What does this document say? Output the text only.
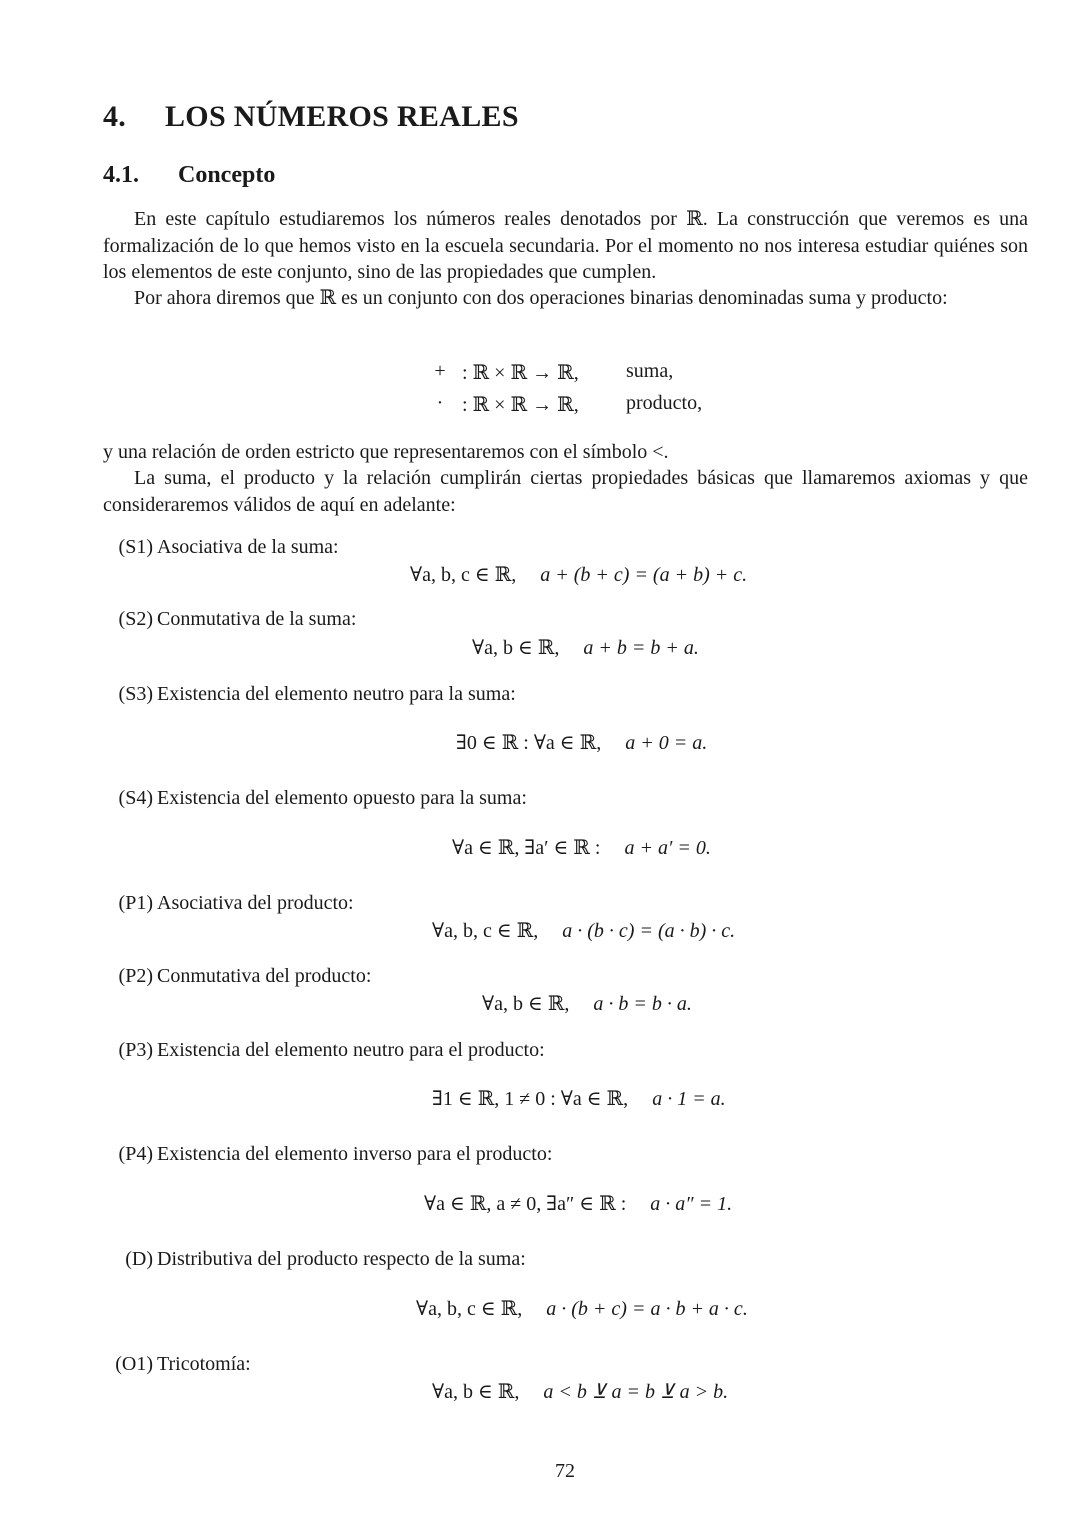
4. LOS NÚMEROS REALES
4.1. Concepto
En este capítulo estudiaremos los números reales denotados por ℝ. La construcción que veremos es una formalización de lo que hemos visto en la escuela secundaria. Por el momento no nos interesa estudiar quiénes son los elementos de este conjunto, sino de las propiedades que cumplen.
Por ahora diremos que ℝ es un conjunto con dos operaciones binarias denominadas suma y producto:
+ : ℝ × ℝ → ℝ, suma,
· : ℝ × ℝ → ℝ, producto,
y una relación de orden estricto que representaremos con el símbolo <.
La suma, el producto y la relación cumplirán ciertas propiedades básicas que llamaremos axiomas y que consideraremos válidos de aquí en adelante:
(S1) Asociativa de la suma:
∀a, b, c ∈ ℝ, a + (b + c) = (a + b) + c.
(S2) Conmutativa de la suma:
∀a, b ∈ ℝ, a + b = b + a.
(S3) Existencia del elemento neutro para la suma:
∃0 ∈ ℝ : ∀a ∈ ℝ, a + 0 = a.
(S4) Existencia del elemento opuesto para la suma:
∀a ∈ ℝ, ∃a′ ∈ ℝ : a + a′ = 0.
(P1) Asociativa del producto:
∀a, b, c ∈ ℝ, a · (b · c) = (a · b) · c.
(P2) Conmutativa del producto:
∀a, b ∈ ℝ, a · b = b · a.
(P3) Existencia del elemento neutro para el producto:
∃1 ∈ ℝ, 1 ≠ 0 : ∀a ∈ ℝ, a · 1 = a.
(P4) Existencia del elemento inverso para el producto:
∀a ∈ ℝ, a ≠ 0, ∃a″ ∈ ℝ : a · a″ = 1.
(D) Distributiva del producto respecto de la suma:
∀a, b, c ∈ ℝ, a · (b + c) = a · b + a · c.
(O1) Tricotomía:
∀a, b ∈ ℝ, a < b ⊻ a = b ⊻ a > b.
72
